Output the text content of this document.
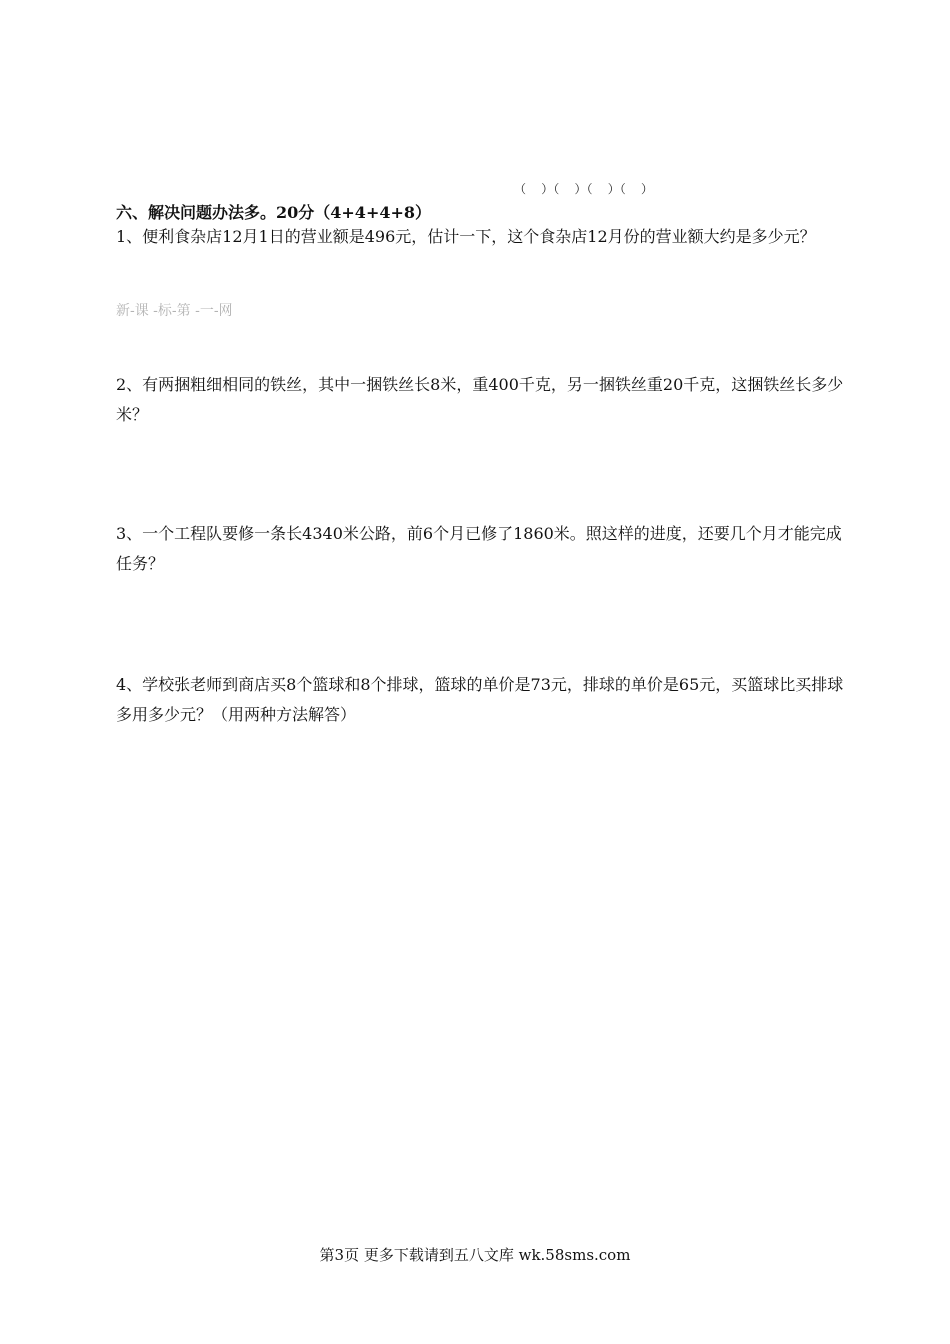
（    ）（    ）（    ）（    ）
六、解决问题办法多。20分（4+4+4+8）
1、便利食杂店12月1日的营业额是496元，估计一下，这个食杂店12月份的营业额大约是多少元？
新-课 -标-第 -一-网
2、有两捆粗细相同的铁丝，其中一捆铁丝长8米，重400千克，另一捆铁丝重20千克，这捆铁丝长多少米？
3、一个工程队要修一条长4340米公路，前6个月已修了1860米。照这样的进度，还要几个月才能完成任务？
4、学校张老师到商店买8个篮球和8个排球，篮球的单价是73元，排球的单价是65元，买篮球比买排球多用多少元？（用两种方法解答）
第3页 更多下载请到五八文库 wk.58sms.com
